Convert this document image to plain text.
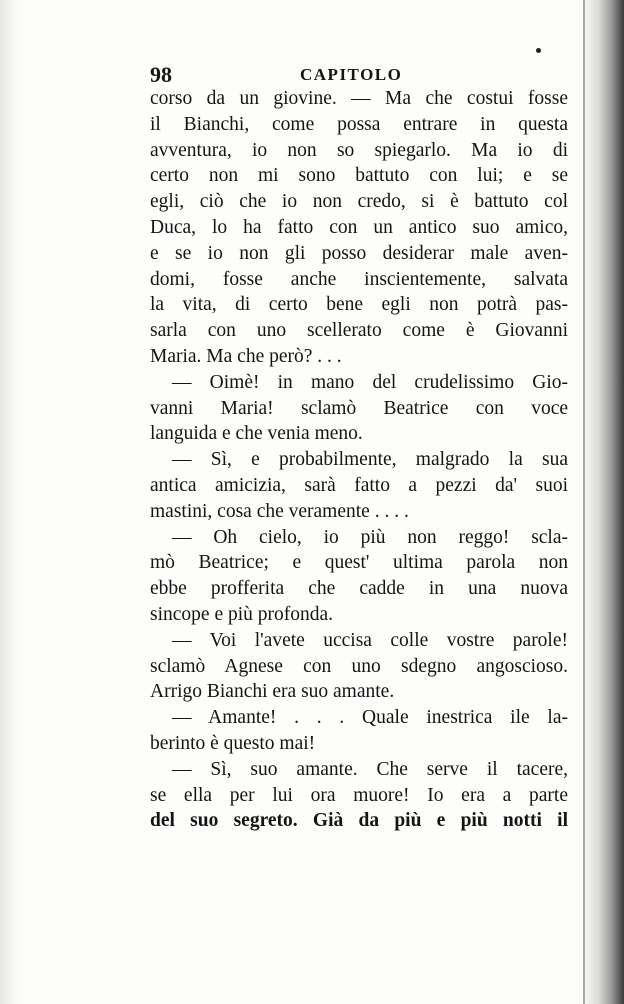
98	CAPITOLO
corso da un giovine. — Ma che costui fosse
il Bianchi, come possa entrare in questa
avventura, io non so spiegarlo. Ma io di
certo non mi sono battuto con lui; e se
egli, ciò che io non credo, si è battuto col
Duca, lo ha fatto con un antico suo amico,
e se io non gli posso desiderar male aven-
domi, fosse anche inscientemente, salvata
la vita, di certo bene egli non potrà pas-
sarla con uno scellerato come è Giovanni
Maria. Ma che però? . . .
— Oimè! in mano del crudelissimo Gio-
vanni Maria! sclamò Beatrice con voce
languida e che venia meno.
— Sì, e probabilmente, malgrado la sua
antica amicizia, sarà fatto a pezzi da' suoi
mastini, cosa che veramente . . . .
— Oh cielo, io più non reggo! scla-
mò Beatrice; e quest' ultima parola non
ebbe profferita che cadde in una nuova
sincope e più profonda.
— Voi l'avete uccisa colle vostre parole!
sclamò Agnese con uno sdegno angoscioso.
Arrigo Bianchi era suo amante.
— Amante! . . . Quale inestrica ile la-
berinto è questo mai!
— Sì, suo amante. Che serve il tacere,
se ella per lui ora muore! Io era a parte
del suo segreto. Già da più e più notti il
